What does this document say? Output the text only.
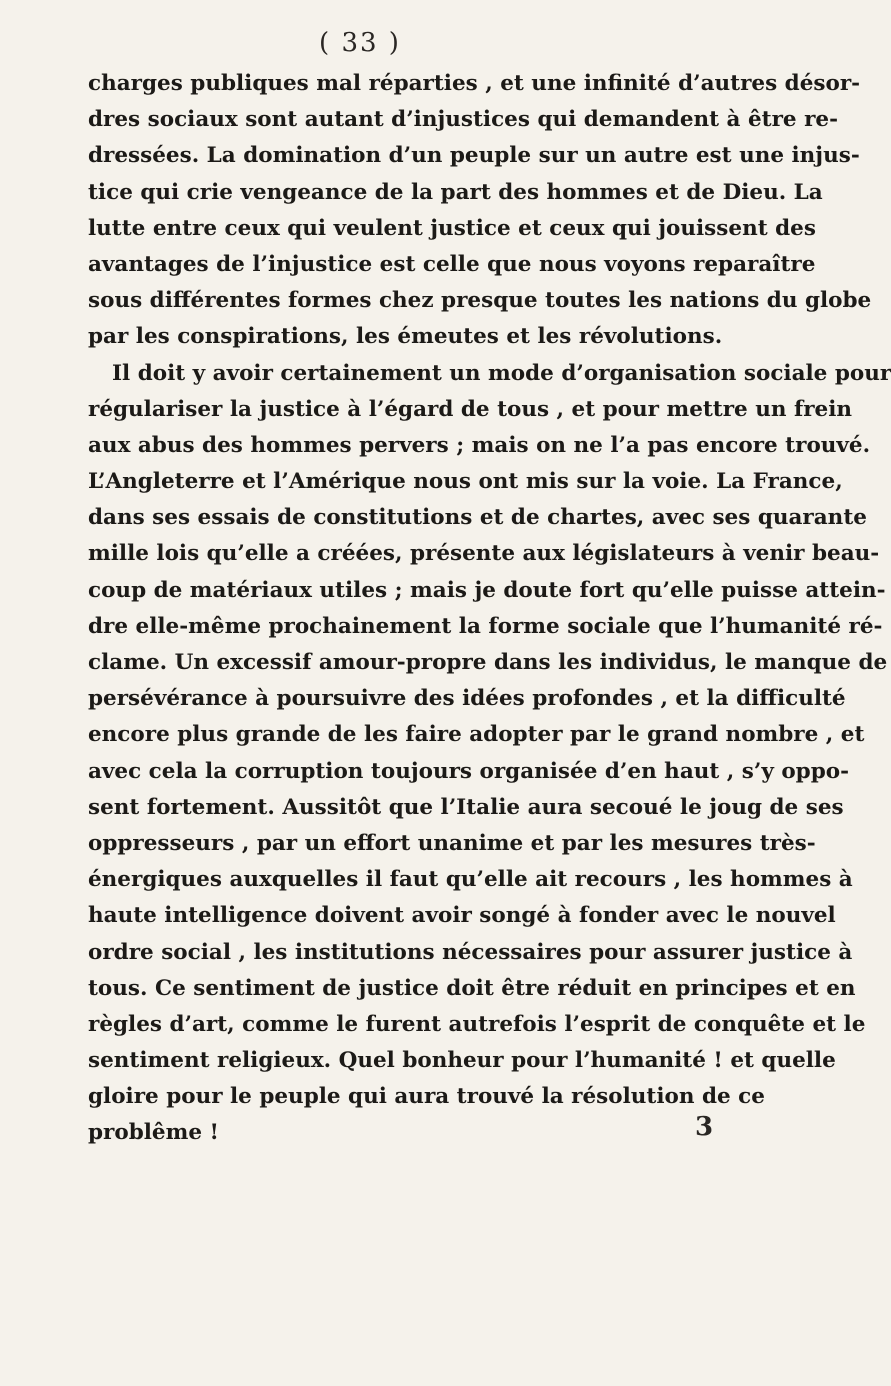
( 33 )
charges publiques mal réparties , et une infinité d’autres désor-
dres sociaux sont autant d’injustices qui demandent à être re-
dressées. La domination d’un peuple sur un autre est une injus-
tice qui crie vengeance de la part des hommes et de Dieu. La
lutte entre ceux qui veulent justice et ceux qui jouissent des
avantages de l’injustice est celle que nous voyons reparaître
sous différentes formes chez presque toutes les nations du globe
par les conspirations, les émeutes et les révolutions.
Il doit y avoir certainement un mode d’organisation sociale pour
régulariser la justice à l’égard de tous , et pour mettre un frein
aux abus des hommes pervers ; mais on ne l’a pas encore trouvé.
L’Angleterre et l’Amérique nous ont mis sur la voie. La France,
dans ses essais de constitutions et de chartes, avec ses quarante
mille lois qu’elle a créées, présente aux législateurs à venir beau-
coup de matériaux utiles ; mais je doute fort qu’elle puisse attein-
dre elle-même prochainement la forme sociale que l’humanité ré-
clame. Un excessif amour-propre dans les individus, le manque de
persévérance à poursuivre des idées profondes , et la difficulté
encore plus grande de les faire adopter par le grand nombre , et
avec cela la corruption toujours organisée d’en haut , s’y oppo-
sent fortement. Aussitôt que l’Italie aura secoué le joug de ses
oppresseurs , par un effort unanime et par les mesures très-
énergiques auxquelles il faut qu’elle ait recours , les hommes à
haute intelligence doivent avoir songé à fonder avec le nouvel
ordre social , les institutions nécessaires pour assurer justice à
tous. Ce sentiment de justice doit être réduit en principes et en
règles d’art, comme le furent autrefois l’esprit de conquête et le
sentiment religieux. Quel bonheur pour l’humanité ! et quelle
gloire pour le peuple qui aura trouvé la résolution de ce
problême !	3
